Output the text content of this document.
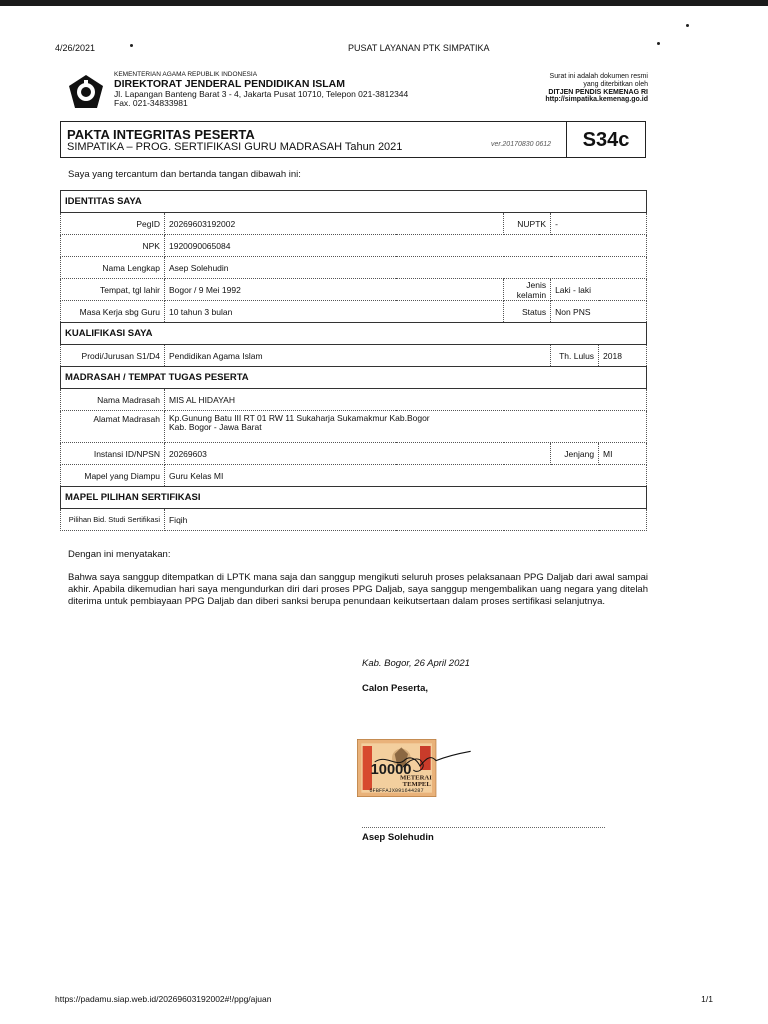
4/26/2021	PUSAT LAYANAN PTK SIMPATIKA
KEMENTERIAN AGAMA REPUBLIK INDONESIA
DIREKTORAT JENDERAL PENDIDIKAN ISLAM
Jl. Lapangan Banteng Barat 3 - 4, Jakarta Pusat 10710, Telepon 021-3812344
Fax. 021-34833981
Surat ini adalah dokumen resmi
yang diterbitkan oleh
DITJEN PENDIS KEMENAG RI
http://simpatika.kemenag.go.id
PAKTA INTEGRITAS PESERTA
SIMPATIKA – PROG. SERTIFIKASI GURU MADRASAH Tahun 2021	ver.20170830 0612	S34c
Saya yang tercantum dan bertanda tangan dibawah ini:
IDENTITAS SAYA				
PegID	20269603192002	NUPTK	-	
NPK	1920090065084			
Nama Lengkap	Asep Solehudin			
Tempat, tgl lahir	Bogor / 9 Mei 1992	Jenis kelamin	Laki - laki	
Masa Kerja sbg Guru	10 tahun 3 bulan	Status	Non PNS	
KUALIFIKASI SAYA				
Prodi/Jurusan S1/D4	Pendidikan Agama Islam		Th. Lulus	2018
MADRASAH / TEMPAT TUGAS PESERTA				
Nama Madrasah	MIS AL HIDAYAH			
Alamat Madrasah	Kp.Gunung Batu III RT 01 RW 11 Sukaharja Sukamakmur Kab.Bogor
Kab. Bogor - Jawa Barat			

Instansi ID/NPSN	20269603		Jenjang	MI
Mapel yang Diampu	Guru Kelas MI			
MAPEL PILIHAN SERTIFIKASI				
Pilihan Bid. Studi Sertifikasi	Fiqih			
Dengan ini menyatakan:
Bahwa saya sanggup ditempatkan di LPTK mana saja dan sanggup mengikuti seluruh proses pelaksanaan PPG Daljab dari awal sampai akhir. Apabila dikemudian hari saya mengundurkan diri dari proses PPG Daljab, saya sanggup mengembalikan uang negara yang ditelah diterima untuk pembiayaan PPG Daljab dan diberi sanksi berupa penundaan keikutsertaan dalam proses sertifikasi selanjutnya.
Kab. Bogor, 26 April 2021
Calon Peserta,
10000
METERAI
TEMPEL
6FBFFAJX091644287
Asep Solehudin
https://padamu.siap.web.id/20269603192002#!/ppg/ajuan	1/1
